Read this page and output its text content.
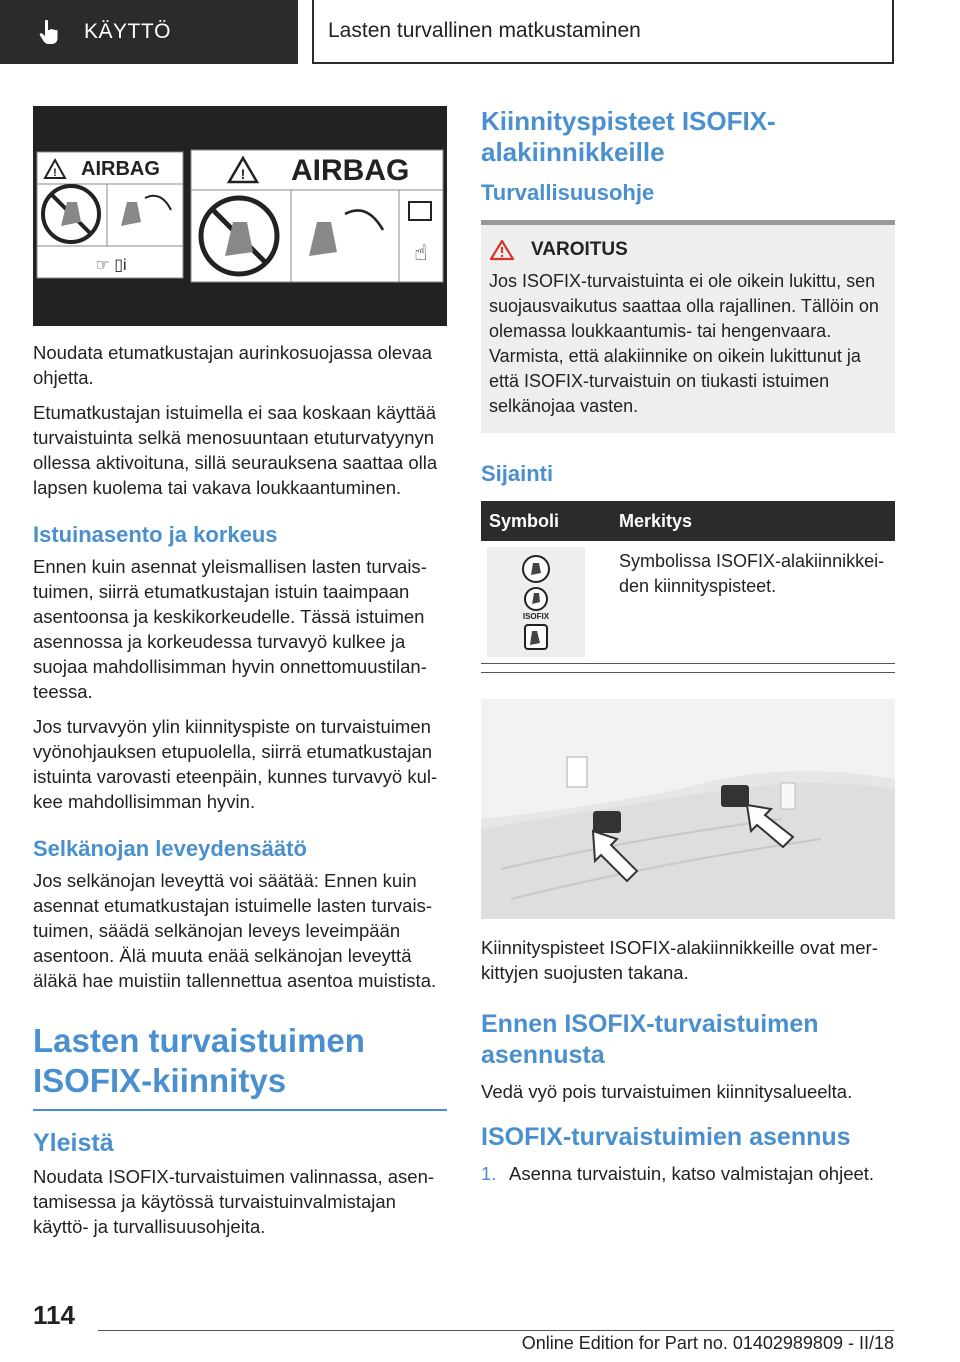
KÄYTTÖ	Lasten turvallinen matkustaminen
! AIRBAG
☞ ▯i
! AIRBAG
☝

Noudata etumatkustajan aurinkosuojassa olevaa ohjetta.

Etumatkustajan istuimella ei saa koskaan käyttää turvaistuinta selkä menosuuntaan etuturvatyynyn ollessa aktivoituna, sillä seurauksena saattaa olla lapsen kuolema tai vakava loukkaantuminen.

Istuinasento ja korkeus

Ennen kuin asennat yleismallisen lasten turvaistuimen, siirrä etumatkustajan istuin taaimpaan asentoonsa ja keskikorkeudelle. Tässä istuimen asennossa ja korkeudessa turvavyö kulkee ja suojaa mahdollisimman hyvin onnettomuustilanteessa.

Jos turvavyön ylin kiinnityspiste on turvaistuimen vyönohjauksen etupuolella, siirrä etumatkustajan istuinta varovasti eteenpäin, kunnes turvavyö kulkee mahdollisimman hyvin.

Selkänojan leveydensäätö

Jos selkänojan leveyttä voi säätää: Ennen kuin asennat etumatkustajan istuimelle lasten turvaistuimen, säädä selkänojan leveys leveimpään asentoon. Älä muuta enää selkänojan leveyttä äläkä hae muistiin tallennettua asentoa muistista.

Lasten turvaistuimen ISOFIX-kiinnitys
Yleistä

Noudata ISOFIX-turvaistuimen valinnassa, asentamisessa ja käytössä turvaistuinvalmistajan käyttö- ja turvallisuusohjeita.

Kiinnityspisteet ISOFIX-alakiinnikkeille
Turvallisuusohje
VAROITUS

Jos ISOFIX-turvaistuinta ei ole oikein lukittu, sen suojausvaikutus saattaa olla rajallinen. Tällöin on olemassa loukkaantumis- tai hengenvaara. Varmista, että alakiinnike on oikein lukittunut ja että ISOFIX-turvaistuin on tiukasti istuimen selkänojaa vasten.

Sijainti
Symboli	Merkitys

ISOFIX	Symbolissa ISOFIX-alakiinnikkeiden kiinnityspisteet.

Kiinnityspisteet ISOFIX-alakiinnikkeille ovat merkittyjen suojusten takana.

Ennen ISOFIX-turvaistuimen asennusta

Vedä vyö pois turvaistuimen kiinnitysalueelta.

ISOFIX-turvaistuimien asennus
1. Asenna turvaistuin, katso valmistajan ohjeet.
114
Online Edition for Part no. 01402989809 - II/18
